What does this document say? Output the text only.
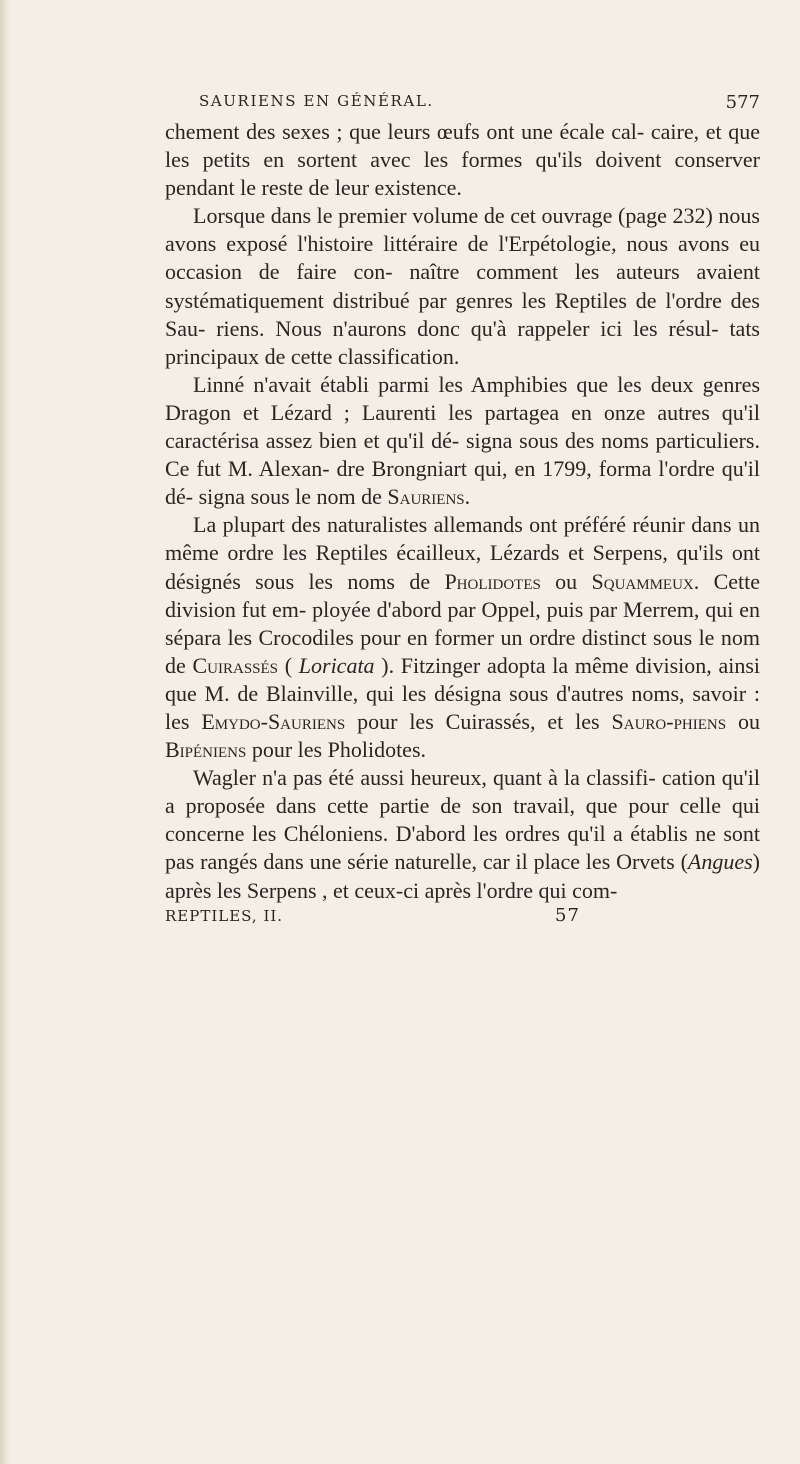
SAURIENS EN GÉNÉRAL.	577

chement des sexes ; que leurs œufs ont une écale cal- caire, et que les petits en sortent avec les formes qu'ils doivent conserver pendant le reste de leur existence.

Lorsque dans le premier volume de cet ouvrage (page 232) nous avons exposé l'histoire littéraire de l'Erpétologie, nous avons eu occasion de faire con- naître comment les auteurs avaient systématiquement distribué par genres les Reptiles de l'ordre des Sau- riens. Nous n'aurons donc qu'à rappeler ici les résul- tats principaux de cette classification.

Linné n'avait établi parmi les Amphibies que les deux genres Dragon et Lézard ; Laurenti les partagea en onze autres qu'il caractérisa assez bien et qu'il dé- signa sous des noms particuliers. Ce fut M. Alexan- dre Brongniart qui, en 1799, forma l'ordre qu'il dé- signa sous le nom de Sauriens.

La plupart des naturalistes allemands ont préféré réunir dans un même ordre les Reptiles écailleux, Lézards et Serpens, qu'ils ont désignés sous les noms de Pholidotes ou Squammeux. Cette division fut em- ployée d'abord par Oppel, puis par Merrem, qui en sépara les Crocodiles pour en former un ordre distinct sous le nom de Cuirassés ( Loricata ). Fitzinger adopta la même division, ainsi que M. de Blainville, qui les désigna sous d'autres noms, savoir : les Emydo-Sauriens pour les Cuirassés, et les Sauro-phiens ou Bipéniens pour les Pholidotes.

Wagler n'a pas été aussi heureux, quant à la classifi- cation qu'il a proposée dans cette partie de son travail, que pour celle qui concerne les Chéloniens. D'abord les ordres qu'il a établis ne sont pas rangés dans une série naturelle, car il place les Orvets (Angues) après les Serpens , et ceux-ci après l'ordre qui com-

REPTILES, II.	57
